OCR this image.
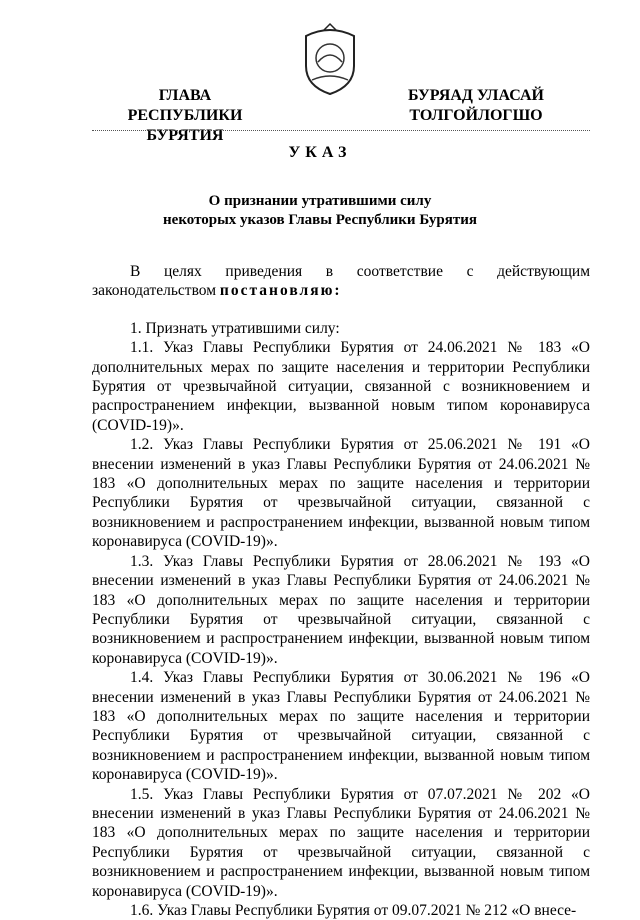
ГЛАВА
РЕСПУБЛИКИ БУРЯТИЯ
БУРЯАД УЛАСАЙ
ТОЛГОЙЛОГШО
УКАЗ
О признании утратившими силу
некоторых указов Главы Республики Бурятия

В целях приведения в соответствие с действующим законодательством постановляю:

1. Признать утратившими силу:

1.1. Указ Главы Республики Бурятия от 24.06.2021 № 183 «О дополнительных мерах по защите населения и территории Республики Бурятия от чрезвычайной ситуации, связанной с возникновением и распространением инфекции, вызванной новым типом коронавируса (COVID-19)».

1.2. Указ Главы Республики Бурятия от 25.06.2021 № 191 «О внесении изменений в указ Главы Республики Бурятия от 24.06.2021 № 183 «О дополнительных мерах по защите населения и территории Республики Бурятия от чрезвычайной ситуации, связанной с возникновением и распространением инфекции, вызванной новым типом коронавируса (COVID-19)».

1.3. Указ Главы Республики Бурятия от 28.06.2021 № 193 «О внесении изменений в указ Главы Республики Бурятия от 24.06.2021 № 183 «О дополнительных мерах по защите населения и территории Республики Бурятия от чрезвычайной ситуации, связанной с возникновением и распространением инфекции, вызванной новым типом коронавируса (COVID-19)».

1.4. Указ Главы Республики Бурятия от 30.06.2021 № 196 «О внесении изменений в указ Главы Республики Бурятия от 24.06.2021 № 183 «О дополнительных мерах по защите населения и территории Республики Бурятия от чрезвычайной ситуации, связанной с возникновением и распространением инфекции, вызванной новым типом коронавируса (COVID-19)».

1.5. Указ Главы Республики Бурятия от 07.07.2021 № 202 «О внесении изменений в указ Главы Республики Бурятия от 24.06.2021 № 183 «О дополнительных мерах по защите населения и территории Республики Бурятия от чрезвычайной ситуации, связанной с возникновением и распространением инфекции, вызванной новым типом коронавируса (COVID-19)».

1.6. Указ Главы Республики Бурятия от 09.07.2021 № 212 «О внесе-
